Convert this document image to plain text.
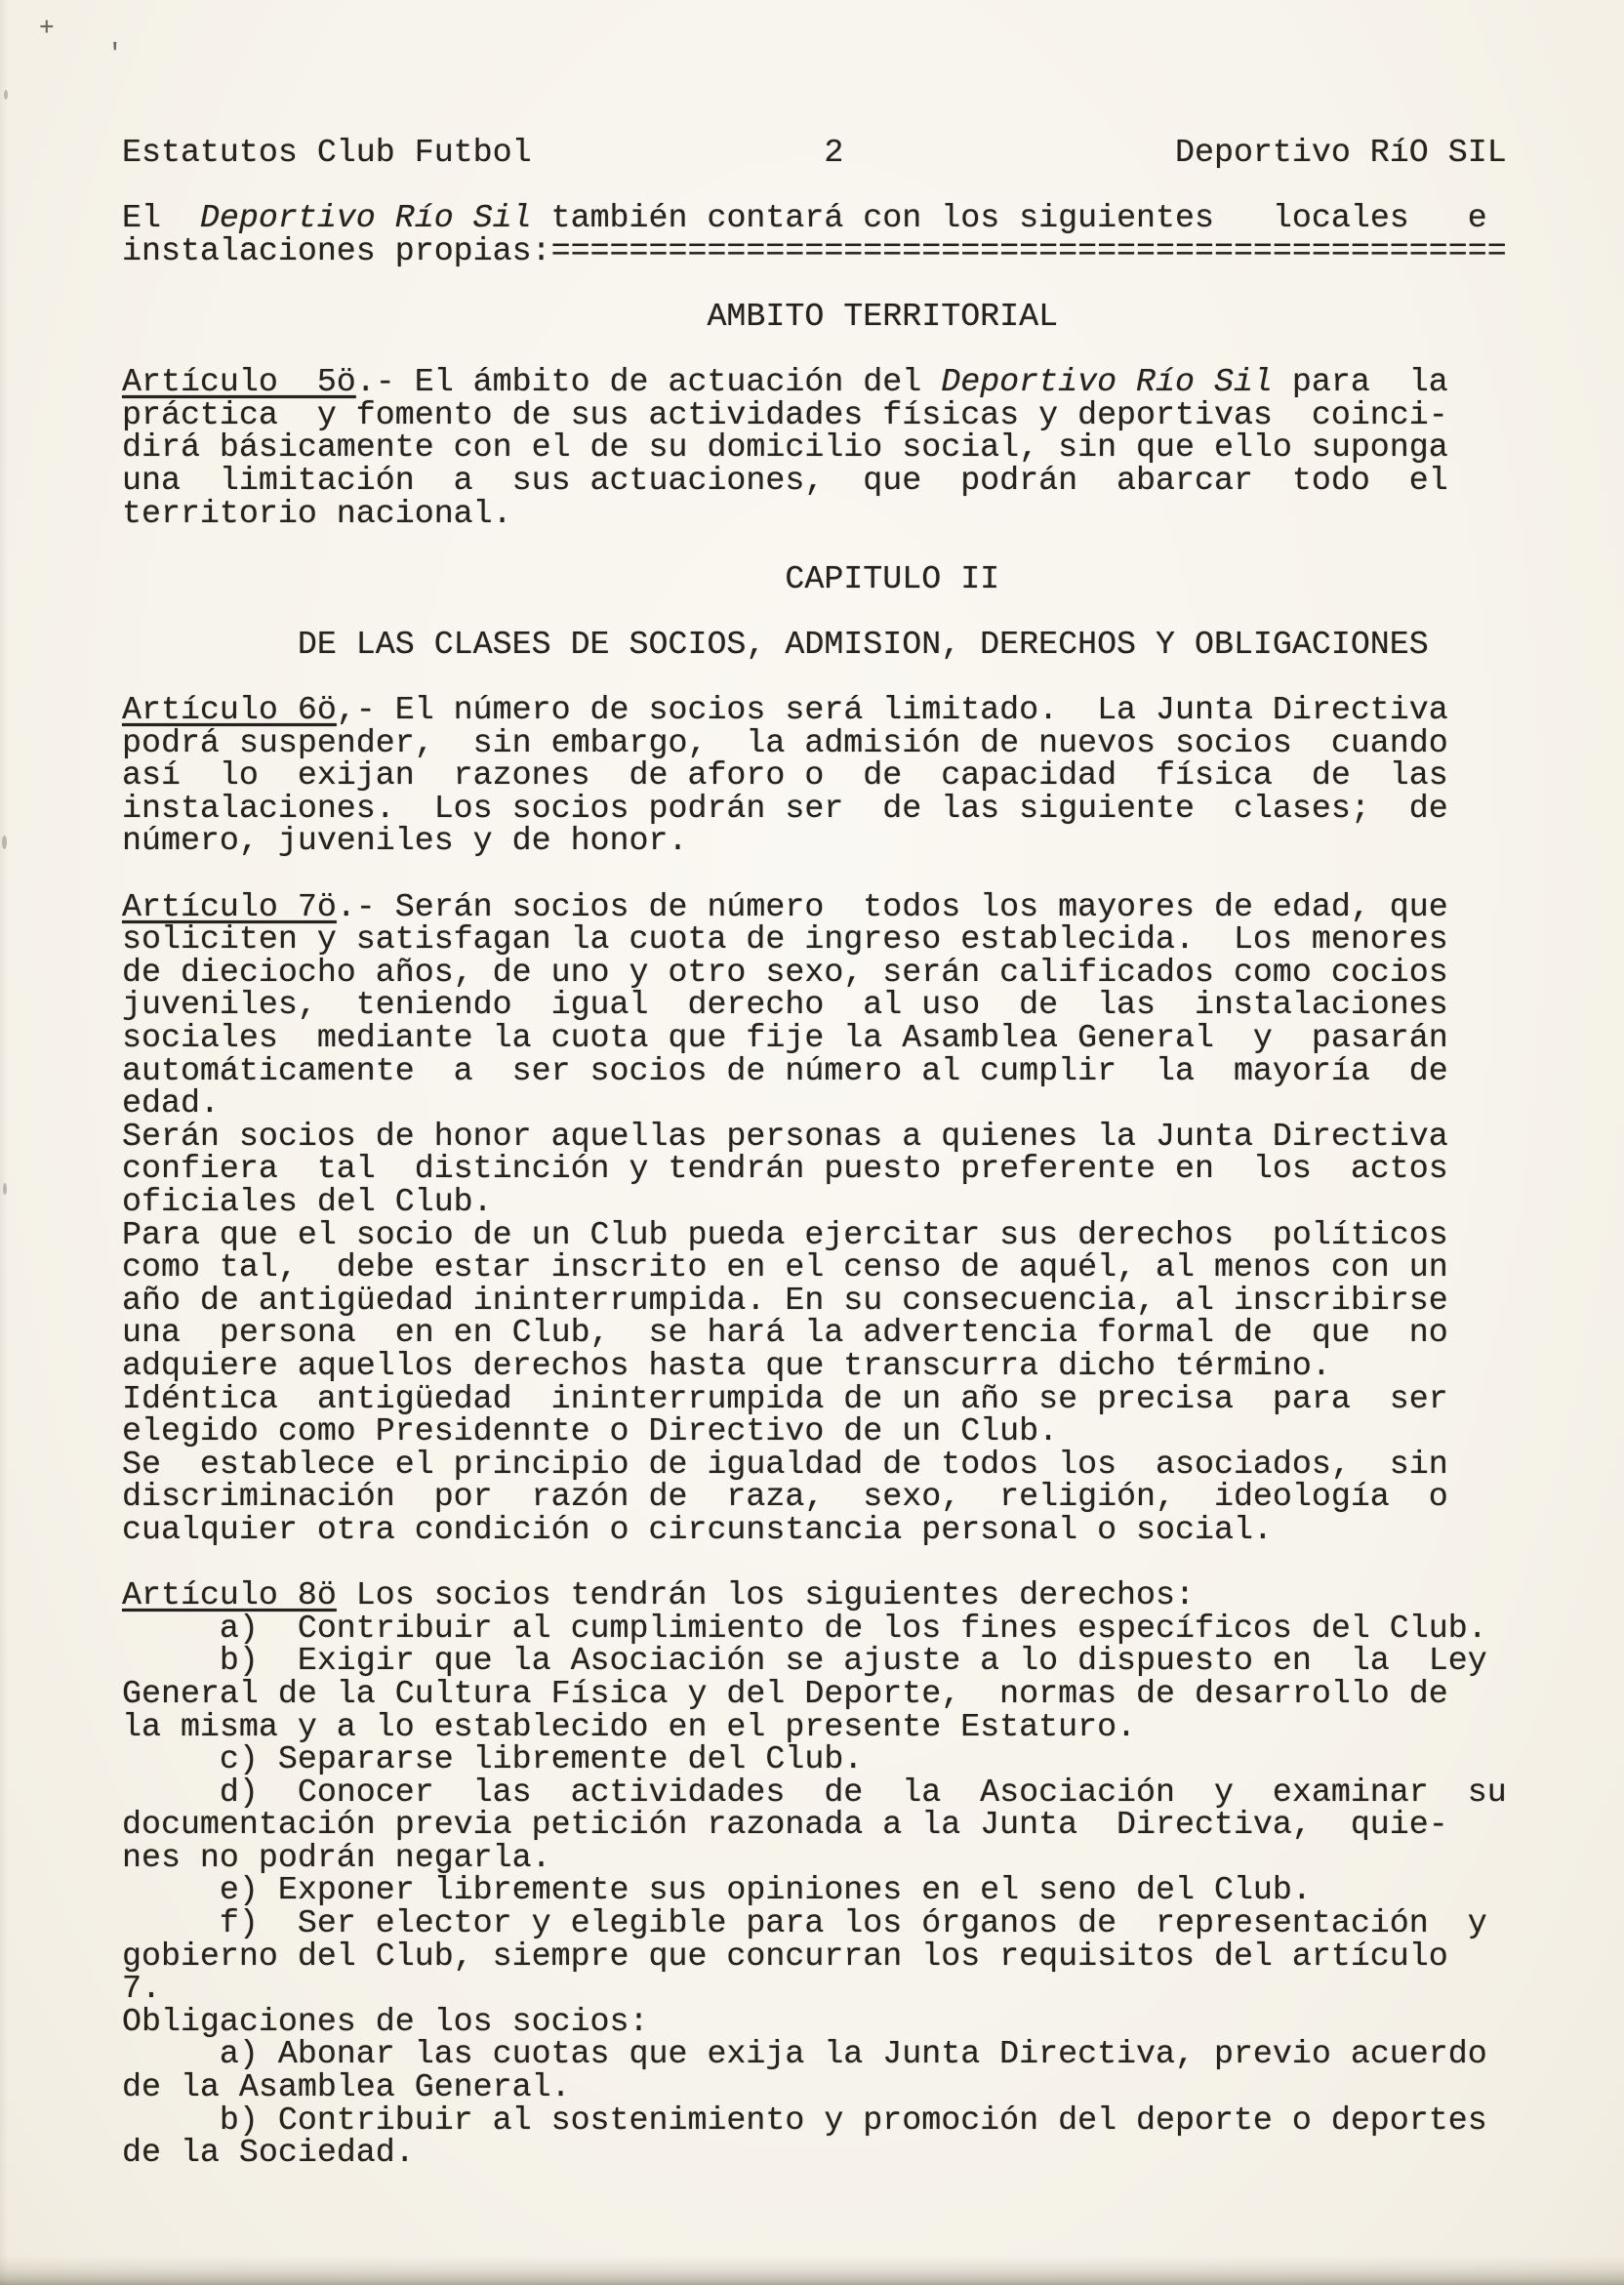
Estatutos Club Futbol               2                 Deportivo RíO SIL

El  Deportivo Río Sil también contará con los siguientes   locales   e
instalaciones propias:=================================================

AMBITO TERRITORIAL

Artículo  5ö.- El ámbito de actuación del Deportivo Río Sil para  la
práctica  y fomento de sus actividades físicas y deportivas  coinci-
dirá básicamente con el de su domicilio social, sin que ello suponga
una  limitación  a  sus actuaciones,  que  podrán  abarcar  todo  el
territorio nacional.

CAPITULO II

DE LAS CLASES DE SOCIOS, ADMISION, DERECHOS Y OBLIGACIONES

Artículo 6ö,- El número de socios será limitado.  La Junta Directiva
podrá suspender,  sin embargo,  la admisión de nuevos socios  cuando
así  lo  exijan  razones  de aforo o  de  capacidad  física  de  las
instalaciones.  Los socios podrán ser  de las siguiente  clases;  de
número, juveniles y de honor.

Artículo 7ö.- Serán socios de número  todos los mayores de edad, que
soliciten y satisfagan la cuota de ingreso establecida.  Los menores
de dieciocho años, de uno y otro sexo, serán calificados como cocios
juveniles,  teniendo  igual  derecho  al uso  de  las  instalaciones
sociales  mediante la cuota que fije la Asamblea General  y  pasarán
automáticamente  a  ser socios de número al cumplir  la  mayoría  de
edad.
Serán socios de honor aquellas personas a quienes la Junta Directiva
confiera  tal  distinción y tendrán puesto preferente en  los  actos
oficiales del Club.
Para que el socio de un Club pueda ejercitar sus derechos  políticos
como tal,  debe estar inscrito en el censo de aquél, al menos con un
año de antigüedad ininterrumpida. En su consecuencia, al inscribirse
una  persona  en en Club,  se hará la advertencia formal de  que  no
adquiere aquellos derechos hasta que transcurra dicho término.
Idéntica  antigüedad  ininterrumpida de un año se precisa  para  ser
elegido como Presidennte o Directivo de un Club.
Se  establece el principio de igualdad de todos los  asociados,  sin
discriminación  por  razón de  raza,  sexo,  religión,  ideología  o
cualquier otra condición o circunstancia personal o social.

Artículo 8ö Los socios tendrán los siguientes derechos:
a)  Contribuir al cumplimiento de los fines específicos del Club.
b)  Exigir que la Asociación se ajuste a lo dispuesto en  la  Ley
General de la Cultura Física y del Deporte,  normas de desarrollo de
la misma y a lo establecido en el presente Estaturo.
c) Separarse libremente del Club.
d)  Conocer  las  actividades  de  la  Asociación  y  examinar  su
documentación previa petición razonada a la Junta  Directiva,  quie-
nes no podrán negarla.
e) Exponer libremente sus opiniones en el seno del Club.
f)  Ser elector y elegible para los órganos de  representación  y
gobierno del Club, siempre que concurran los requisitos del artículo
7.
Obligaciones de los socios:
a) Abonar las cuotas que exija la Junta Directiva, previo acuerdo
de la Asamblea General.
b) Contribuir al sostenimiento y promoción del deporte o deportes
de la Sociedad.
+
'
